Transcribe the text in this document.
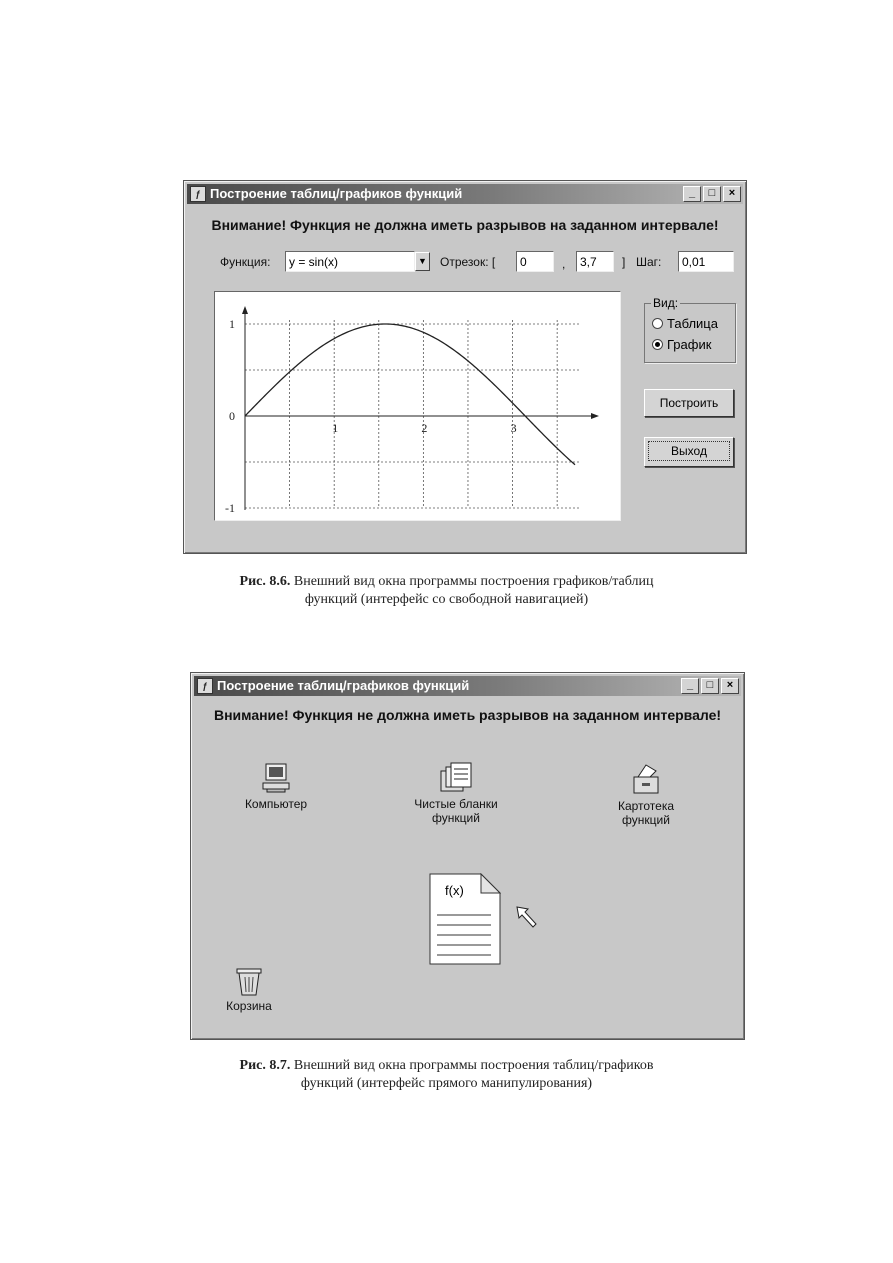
ƒ Построение таблиц/графиков функций	_	□	×
Внимание! Функция не должна иметь разрывов на заданном интервале!
Функция:	y = sin(x)	▼ Отрезок: [	0	,	3,7	] Шаг:	0,01
1	2	3
1
0
-1
Вид:
Таблица
График
Построить
Выход
Рис. 8.6. Внешний вид окна программы построения графиков/таблиц
функций (интерфейс со свободной навигацией)
ƒ Построение таблиц/графиков функций	_	□	×
Внимание! Функция не должна иметь разрывов на заданном интервале!
Компьютер	Чистые бланки
функций
Картотека
функций
f(x)
Корзина
Рис. 8.7. Внешний вид окна программы построения таблиц/графиков
функций (интерфейс прямого манипулирования)
